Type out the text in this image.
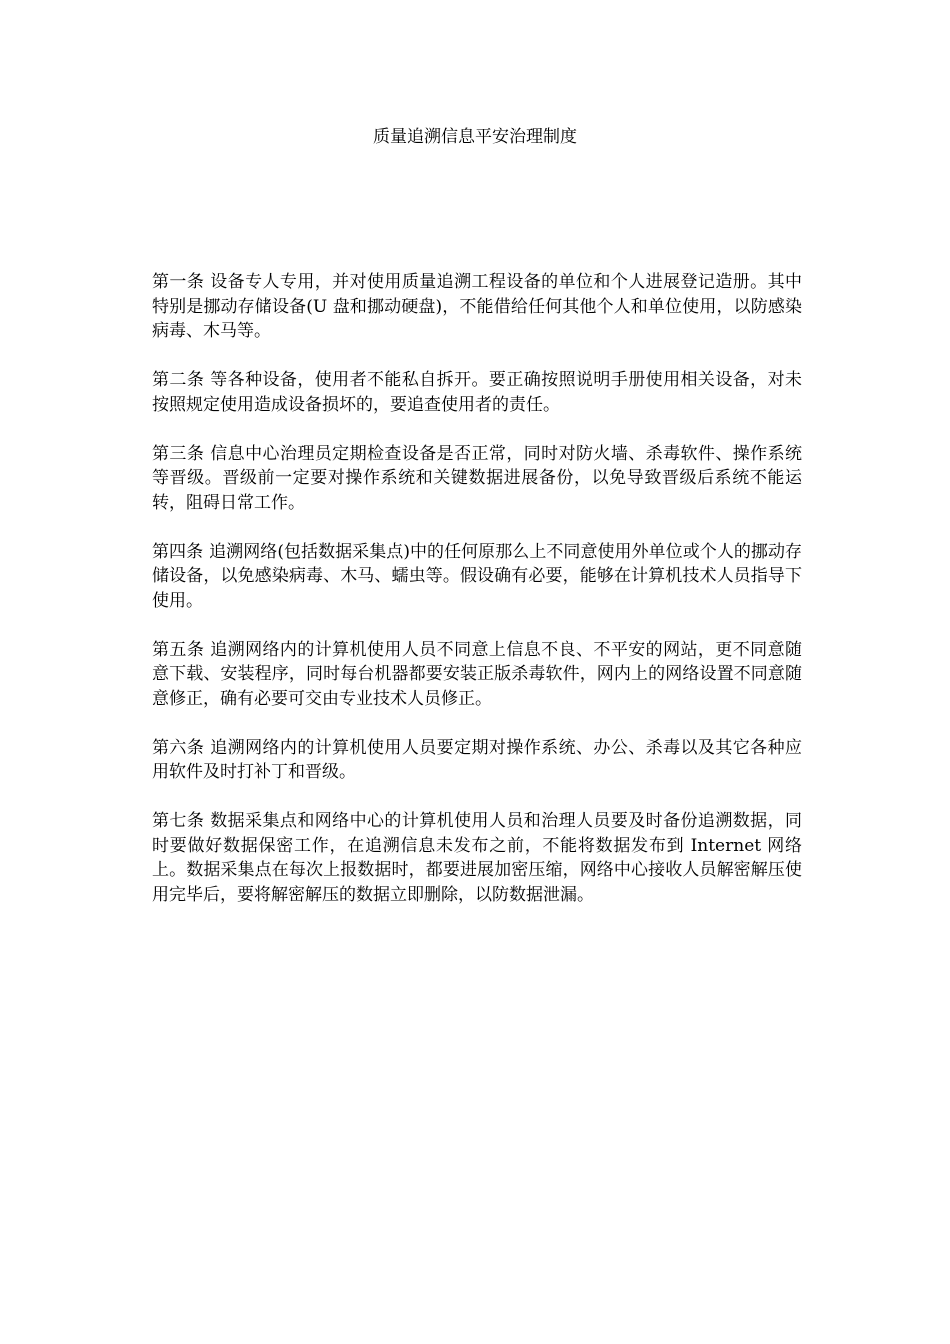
质量追溯信息平安治理制度

第一条 设备专人专用，并对使用质量追溯工程设备的单位和个人进展登记造册。其中特别是挪动存储设备(U 盘和挪动硬盘)，不能借给任何其他个人和单位使用，以防感染病毒、木马等。

第二条 等各种设备，使用者不能私自拆开。要正确按照说明手册使用相关设备，对未按照规定使用造成设备损坏的，要追查使用者的责任。

第三条 信息中心治理员定期检查设备是否正常，同时对防火墙、杀毒软件、操作系统等晋级。晋级前一定要对操作系统和关键数据进展备份，以免导致晋级后系统不能运转，阻碍日常工作。

第四条 追溯网络(包括数据采集点)中的任何原那么上不同意使用外单位或个人的挪动存储设备，以免感染病毒、木马、蠕虫等。假设确有必要，能够在计算机技术人员指导下使用。

第五条 追溯网络内的计算机使用人员不同意上信息不良、不平安的网站，更不同意随意下载、安装程序，同时每台机器都要安装正版杀毒软件，网内上的网络设置不同意随意修正，确有必要可交由专业技术人员修正。

第六条 追溯网络内的计算机使用人员要定期对操作系统、办公、杀毒以及其它各种应用软件及时打补丁和晋级。

第七条 数据采集点和网络中心的计算机使用人员和治理人员要及时备份追溯数据，同时要做好数据保密工作，在追溯信息未发布之前，不能将数据发布到 Internet 网络上。数据采集点在每次上报数据时，都要进展加密压缩，网络中心接收人员解密解压使用完毕后，要将解密解压的数据立即删除，以防数据泄漏。
